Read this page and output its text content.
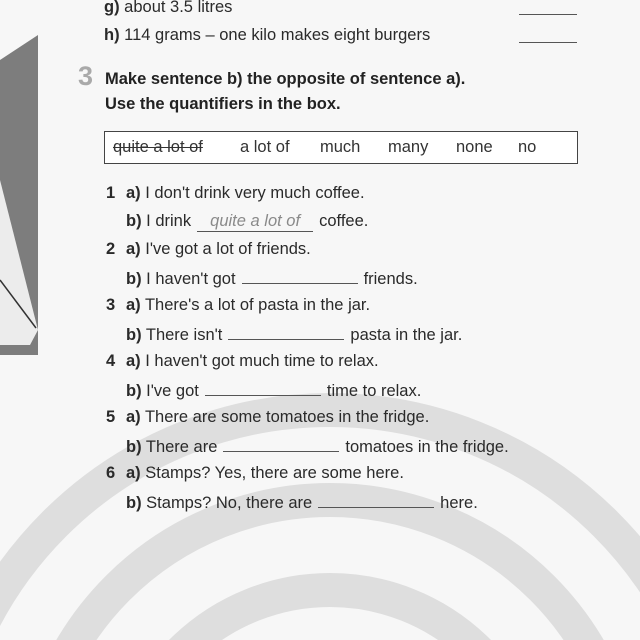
g) about 3.5 litres
h) 114 grams – one kilo makes eight burgers
3 Make sentence b) the opposite of sentence a).
Use the quantifiers in the box.
quite a lot of a lot of much many none no
1 a) I don't drink very much coffee.
b) I drink quite a lot of coffee.
2 a) I've got a lot of friends.
b) I haven't got	friends.
3 a) There's a lot of pasta in the jar.
b) There isn't	pasta in the jar.
4 a) I haven't got much time to relax.
b) I've got	time to relax.
5 a) There are some tomatoes in the fridge.
b) There are	tomatoes in the fridge.
6 a) Stamps? Yes, there are some here.
b) Stamps? No, there are	here.
